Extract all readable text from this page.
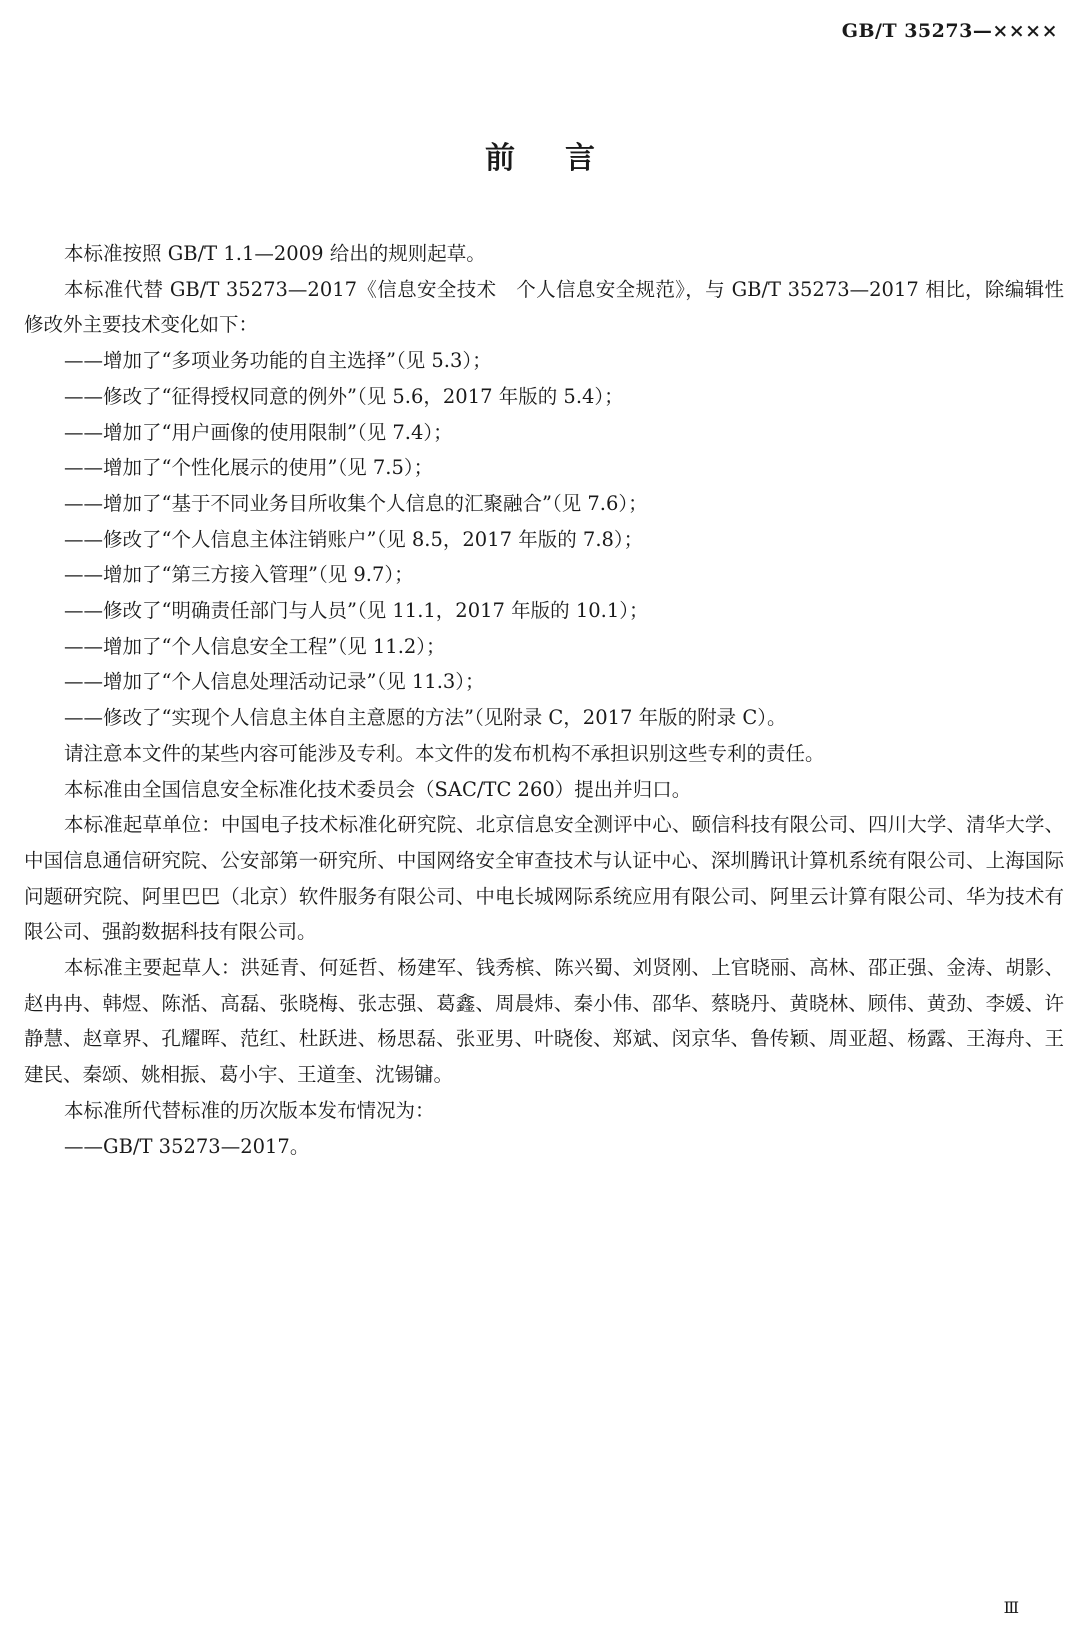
GB/T 35273—××××
前言

本标准按照 GB/T 1.1—2009 给出的规则起草。

本标准代替 GB/T 35273—2017《信息安全技术　个人信息安全规范》，与 GB/T 35273—2017 相比，除编辑性修改外主要技术变化如下：

——增加了“多项业务功能的自主选择”（见 5.3）；

——修改了“征得授权同意的例外”（见 5.6，2017 年版的 5.4）；

——增加了“用户画像的使用限制”（见 7.4）；

——增加了“个性化展示的使用”（见 7.5）；

——增加了“基于不同业务目所收集个人信息的汇聚融合”（见 7.6）；

——修改了“个人信息主体注销账户”（见 8.5，2017 年版的 7.8）；

——增加了“第三方接入管理”（见 9.7）；

——修改了“明确责任部门与人员”（见 11.1，2017 年版的 10.1）；

——增加了“个人信息安全工程”（见 11.2）；

——增加了“个人信息处理活动记录”（见 11.3）；

——修改了“实现个人信息主体自主意愿的方法”（见附录 C，2017 年版的附录 C）。

请注意本文件的某些内容可能涉及专利。本文件的发布机构不承担识别这些专利的责任。

本标准由全国信息安全标准化技术委员会（SAC/TC 260）提出并归口。

本标准起草单位：中国电子技术标准化研究院、北京信息安全测评中心、颐信科技有限公司、四川大学、清华大学、中国信息通信研究院、公安部第一研究所、中国网络安全审查技术与认证中心、深圳腾讯计算机系统有限公司、上海国际问题研究院、阿里巴巴（北京）软件服务有限公司、中电长城网际系统应用有限公司、阿里云计算有限公司、华为技术有限公司、强韵数据科技有限公司。

本标准主要起草人：洪延青、何延哲、杨建军、钱秀槟、陈兴蜀、刘贤刚、上官晓丽、高林、邵正强、金涛、胡影、赵冉冉、韩煜、陈湉、高磊、张晓梅、张志强、葛鑫、周晨炜、秦小伟、邵华、蔡晓丹、黄晓林、顾伟、黄劲、李媛、许静慧、赵章界、孔耀晖、范红、杜跃进、杨思磊、张亚男、叶晓俊、郑斌、闵京华、鲁传颖、周亚超、杨露、王海舟、王建民、秦颂、姚相振、葛小宇、王道奎、沈锡镛。

本标准所代替标准的历次版本发布情况为：

——GB/T 35273—2017。

Ⅲ
